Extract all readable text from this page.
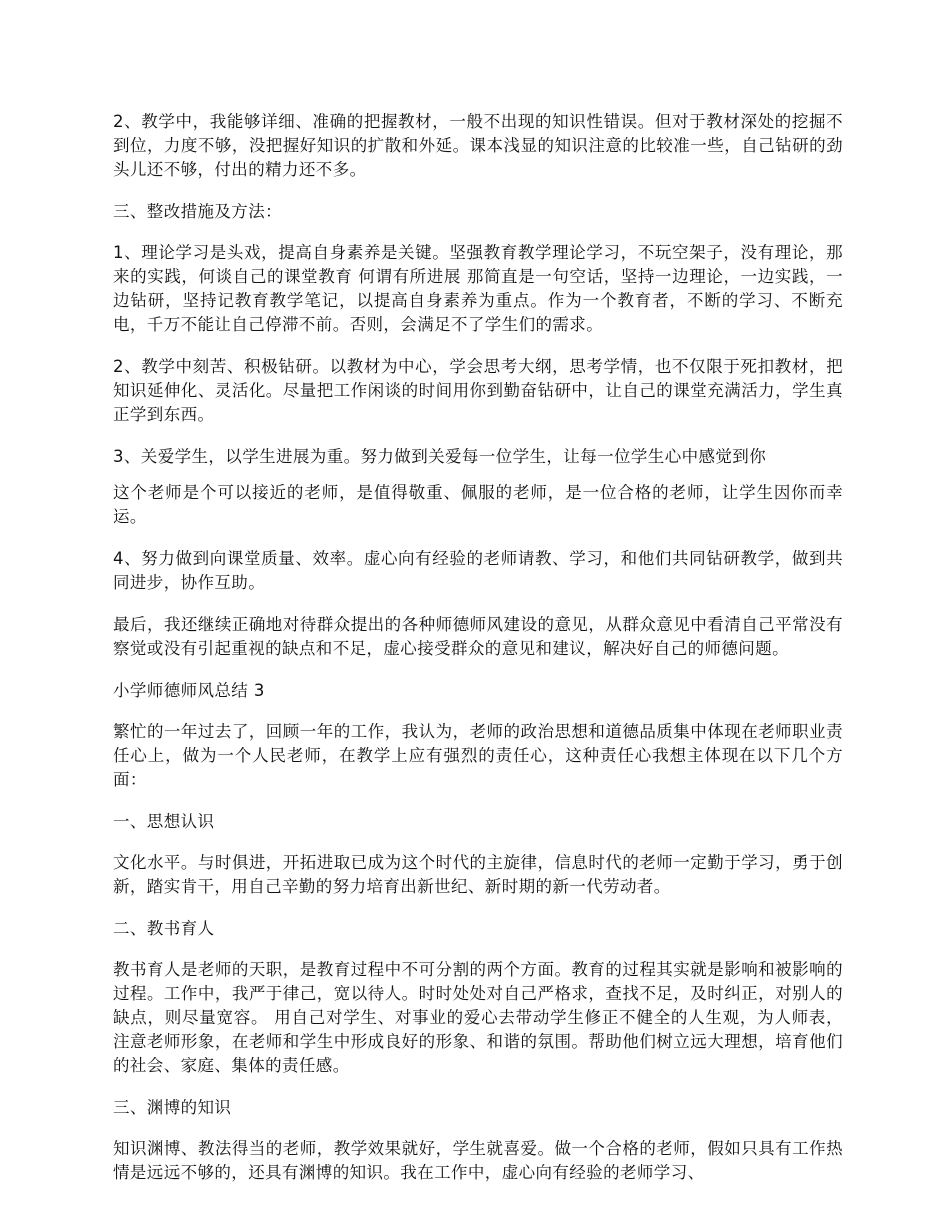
2、教学中，我能够详细、准确的把握教材，一般不出现的知识性错误。但对于教材深处的挖掘不到位，力度不够，没把握好知识的扩散和外延。课本浅显的知识注意的比较准一些，自己钻研的劲头儿还不够，付出的精力还不多。

三、整改措施及方法：

1、理论学习是头戏，提高自身素养是关键。坚强教育教学理论学习，不玩空架子，没有理论，那来的实践，何谈自己的课堂教育 何谓有所进展 那简直是一句空话，坚持一边理论，一边实践，一边钻研，坚持记教育教学笔记，以提高自身素养为重点。作为一个教育者，不断的学习、不断充电，千万不能让自己停滞不前。否则，会满足不了学生们的需求。

2、教学中刻苦、积极钻研。以教材为中心，学会思考大纲，思考学情，也不仅限于死扣教材，把知识延伸化、灵活化。尽量把工作闲谈的时间用你到勤奋钻研中，让自己的课堂充满活力，学生真正学到东西。

3、关爱学生，以学生进展为重。努力做到关爱每一位学生，让每一位学生心中感觉到你

这个老师是个可以接近的老师，是值得敬重、佩服的老师，是一位合格的老师，让学生因你而幸运。

4、努力做到向课堂质量、效率。虚心向有经验的老师请教、学习，和他们共同钻研教学，做到共同进步，协作互助。

最后，我还继续正确地对待群众提出的各种师德师风建设的意见，从群众意见中看清自己平常没有察觉或没有引起重视的缺点和不足，虚心接受群众的意见和建议，解决好自己的师德问题。

小学师德师风总结 3

繁忙的一年过去了，回顾一年的工作，我认为，老师的政治思想和道德品质集中体现在老师职业责任心上，做为一个人民老师，在教学上应有强烈的责任心，这种责任心我想主体现在以下几个方面：

一、思想认识

文化水平。与时俱进，开拓进取已成为这个时代的主旋律，信息时代的老师一定勤于学习，勇于创新，踏实肯干，用自己辛勤的努力培育出新世纪、新时期的新一代劳动者。

二、教书育人

教书育人是老师的天职，是教育过程中不可分割的两个方面。教育的过程其实就是影响和被影响的过程。工作中，我严于律己，宽以待人。时时处处对自己严格求，查找不足，及时纠正，对别人的缺点，则尽量宽容。 用自己对学生、对事业的爱心去带动学生修正不健全的人生观，为人师表，注意老师形象，在老师和学生中形成良好的形象、和谐的氛围。帮助他们树立远大理想，培育他们的社会、家庭、集体的责任感。

三、渊博的知识

知识渊博、教法得当的老师，教学效果就好，学生就喜爱。做一个合格的老师，假如只具有工作热情是远远不够的，还具有渊博的知识。我在工作中，虚心向有经验的老师学习、
